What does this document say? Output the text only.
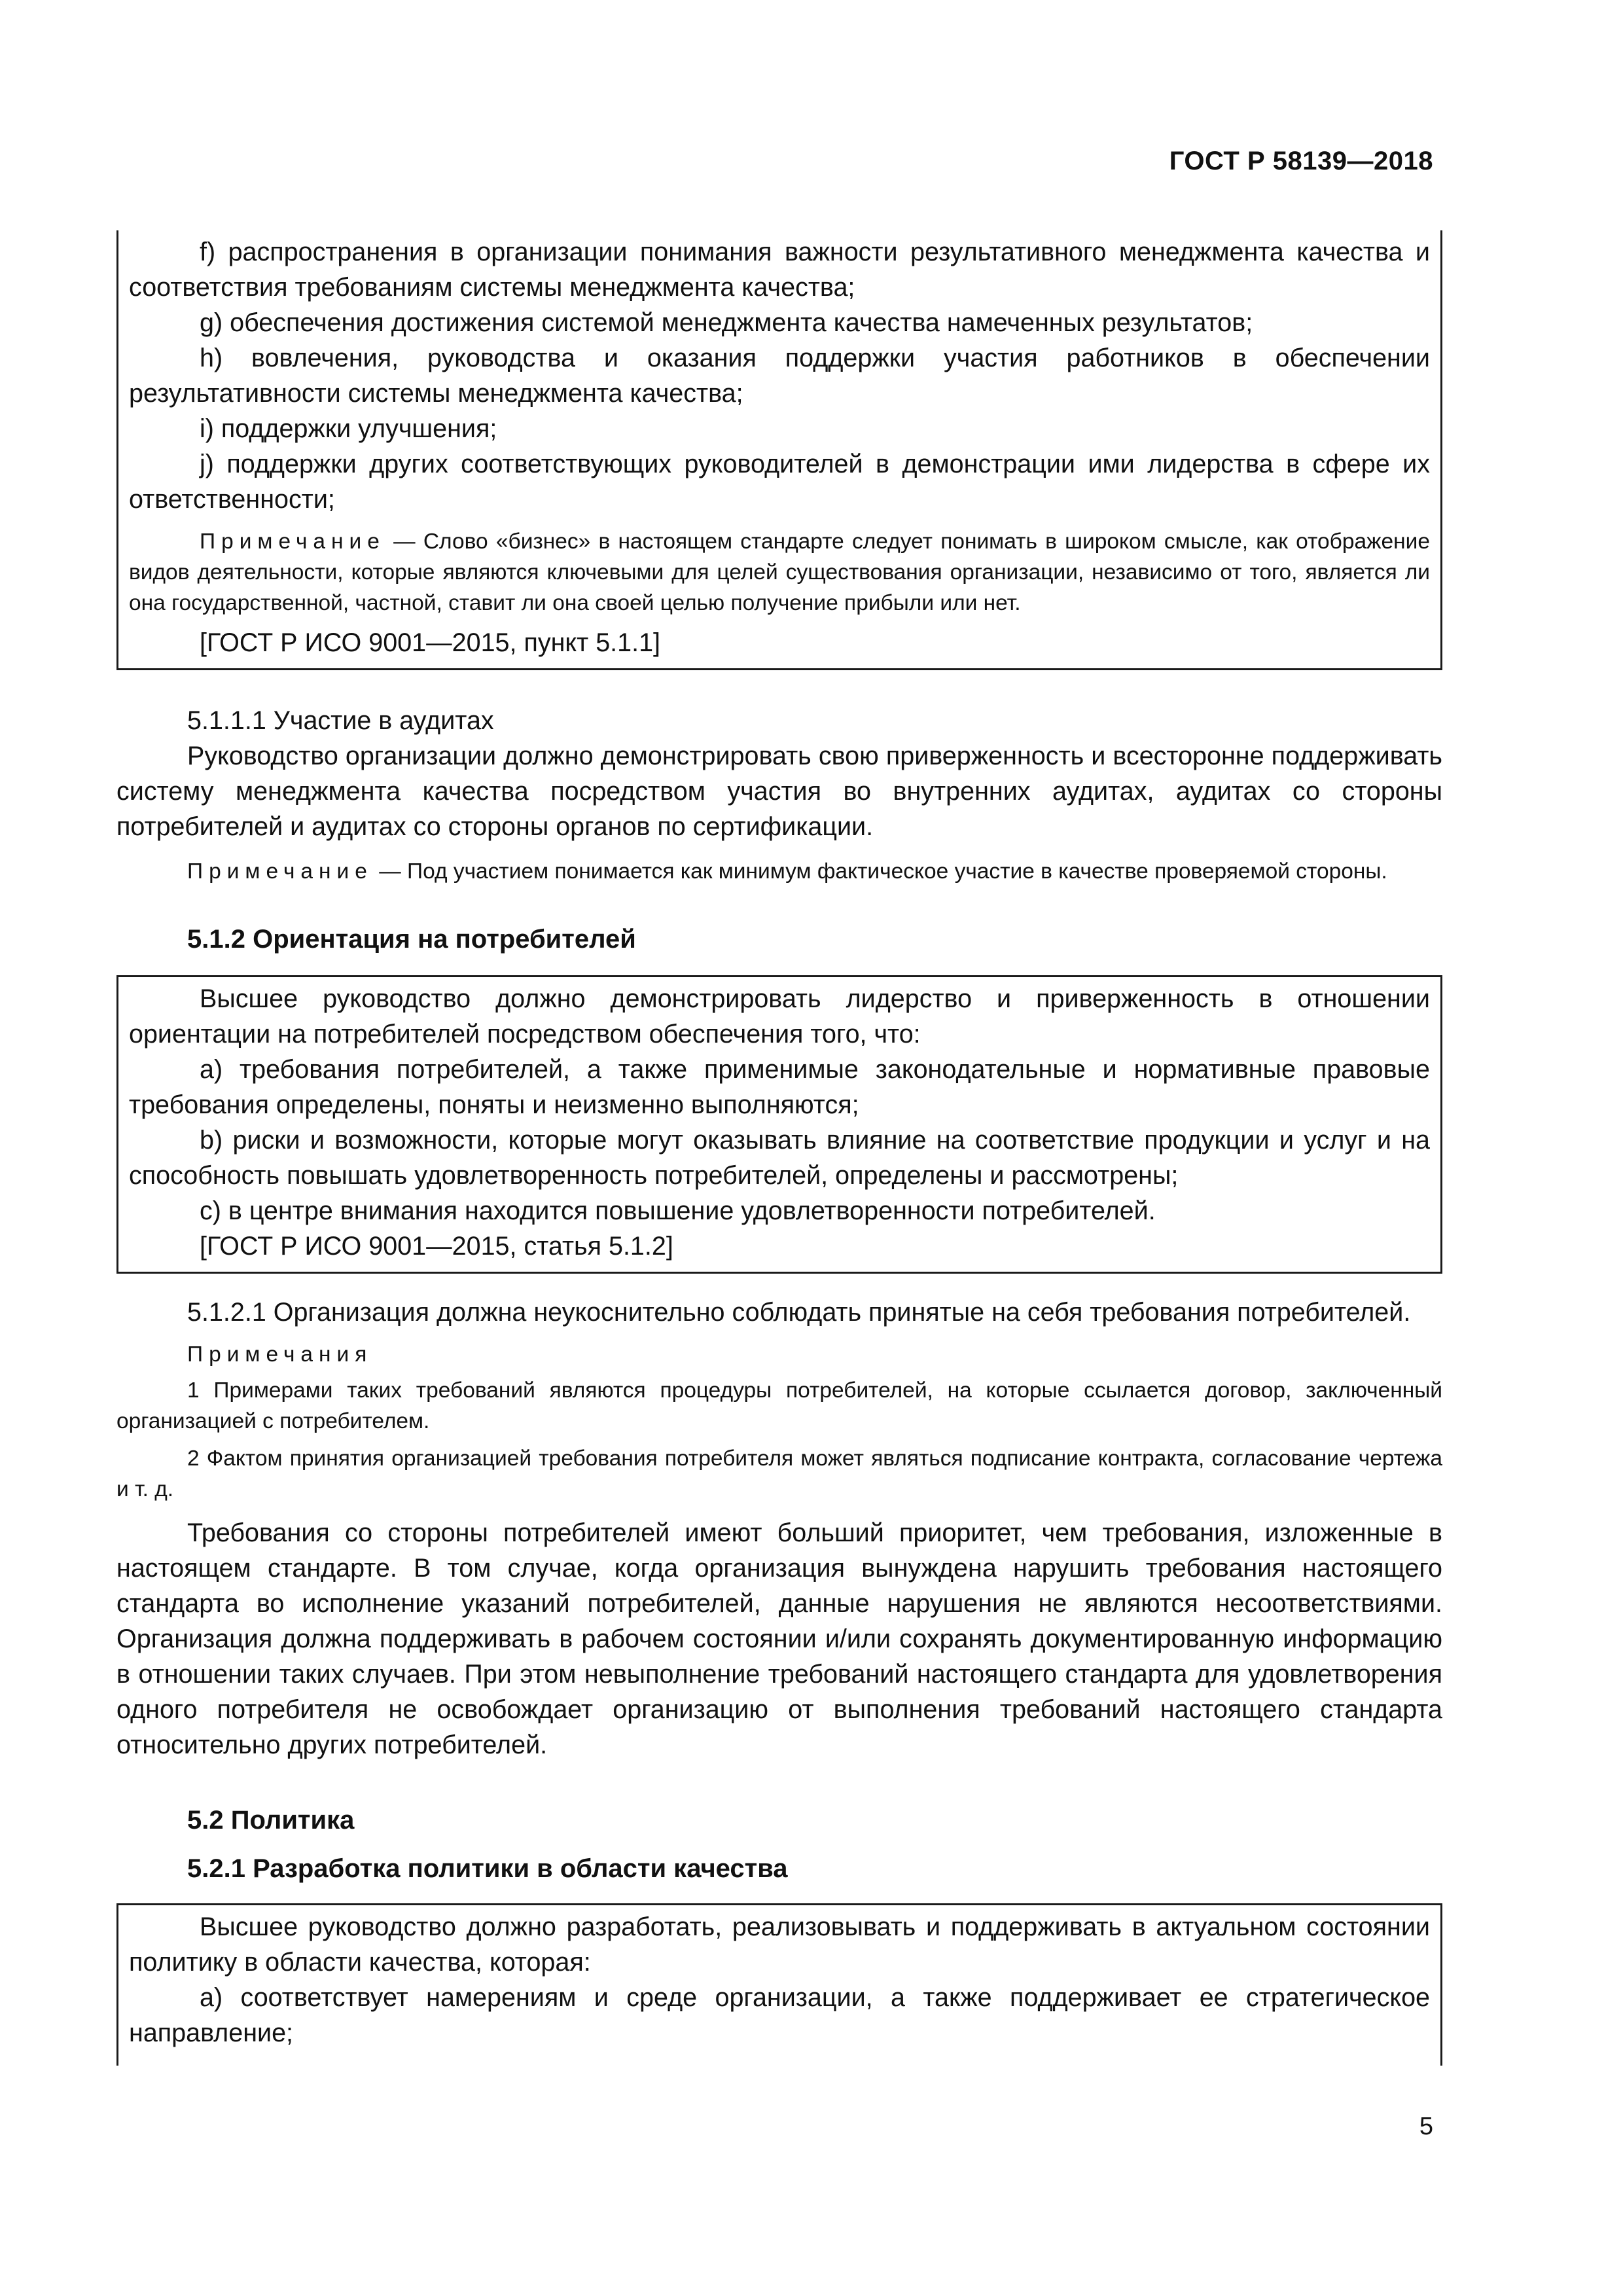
ГОСТ Р 58139—2018

f) распространения в организации понимания важности результативного менеджмента качества и соответствия требованиям системы менеджмента качества;

g) обеспечения достижения системой менеджмента качества намеченных результатов;

h) вовлечения, руководства и оказания поддержки участия работников в обеспечении результативности системы менеджмента качества;

i) поддержки улучшения;

j) поддержки других соответствующих руководителей в демонстрации ими лидерства в сфере их ответственности;

Примечание — Слово «бизнес» в настоящем стандарте следует понимать в широком смысле, как отображение видов деятельности, которые являются ключевыми для целей существования организации, независимо от того, является ли она государственной, частной, ставит ли она своей целью получение прибыли или нет.

[ГОСТ Р ИСО 9001—2015, пункт 5.1.1]

5.1.1.1 Участие в аудитах

Руководство организации должно демонстрировать свою приверженность и всесторонне поддерживать систему менеджмента качества посредством участия во внутренних аудитах, аудитах со стороны потребителей и аудитах со стороны органов по сертификации.

Примечание — Под участием понимается как минимум фактическое участие в качестве проверяемой стороны.

5.1.2 Ориентация на потребителей

Высшее руководство должно демонстрировать лидерство и приверженность в отношении ориентации на потребителей посредством обеспечения того, что:

a) требования потребителей, а также применимые законодательные и нормативные правовые требования определены, поняты и неизменно выполняются;

b) риски и возможности, которые могут оказывать влияние на соответствие продукции и услуг и на способность повышать удовлетворенность потребителей, определены и рассмотрены;

c) в центре внимания находится повышение удовлетворенности потребителей.

[ГОСТ Р ИСО 9001—2015, статья 5.1.2]

5.1.2.1 Организация должна неукоснительно соблюдать принятые на себя требования потребителей.

Примечания

1 Примерами таких требований являются процедуры потребителей, на которые ссылается договор, заключенный организацией с потребителем.

2 Фактом принятия организацией требования потребителя может являться подписание контракта, согласование чертежа и т. д.

Требования со стороны потребителей имеют больший приоритет, чем требования, изложенные в настоящем стандарте. В том случае, когда организация вынуждена нарушить требования настоящего стандарта во исполнение указаний потребителей, данные нарушения не являются несоответствиями. Организация должна поддерживать в рабочем состоянии и/или сохранять документированную информацию в отношении таких случаев. При этом невыполнение требований настоящего стандарта для удовлетворения одного потребителя не освобождает организацию от выполнения требований настоящего стандарта относительно других потребителей.

5.2 Политика

5.2.1 Разработка политики в области качества

Высшее руководство должно разработать, реализовывать и поддерживать в актуальном состоянии политику в области качества, которая:

a) соответствует намерениям и среде организации, а также поддерживает ее стратегическое направление;

5
